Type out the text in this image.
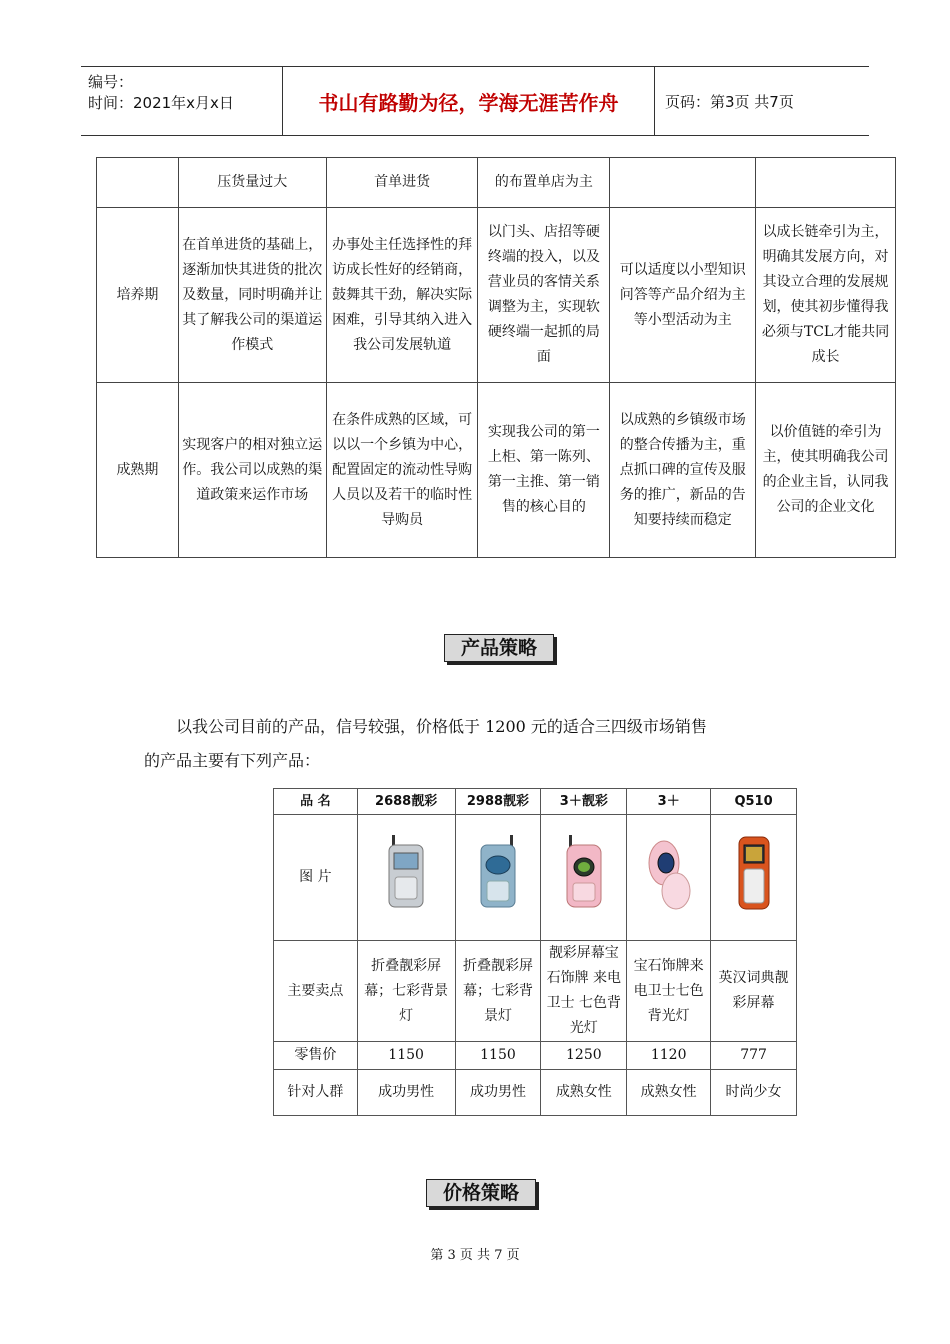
编号：
时间：2021年x月x日	书山有路勤为径，学海无涯苦作舟	页码：第3页 共7页
	压货量过大	首单进货	的布置单店为主		
培养期	在首单进货的基础上，逐渐加快其进货的批次及数量，同时明确并让其了解我公司的渠道运作模式	办事处主任选择性的拜访成长性好的经销商，鼓舞其干劲，解决实际困难，引导其纳入进入我公司发展轨道	以门头、店招等硬终端的投入，以及营业员的客情关系调整为主，实现软硬终端一起抓的局面	可以适度以小型知识问答等产品介绍为主等小型活动为主	以成长链牵引为主，明确其发展方向，对其设立合理的发展规划，使其初步懂得我必须与TCL才能共同成长
成熟期	实现客户的相对独立运作。我公司以成熟的渠道政策来运作市场	在条件成熟的区域，可以以一个乡镇为中心，配置固定的流动性导购人员以及若干的临时性导购员	实现我公司的第一上柜、第一陈列、第一主推、第一销售的核心目的	以成熟的乡镇级市场的整合传播为主，重点抓口碑的宣传及服务的推广，新品的告知要持续而稳定	以价值链的牵引为主，使其明确我公司的企业主旨，认同我公司的企业文化
产品策略
以我公司目前的产品，信号较强，价格低于 1200 元的适合三四级市场销售
的产品主要有下列产品：
品 名	2688靓彩	2988靓彩	3＋靓彩	3＋	Q510
图 片					
主要卖点	折叠靓彩屏幕；七彩背景灯	折叠靓彩屏幕；七彩背景灯	靓彩屏幕宝石饰牌 来电卫士 七色背光灯	宝石饰牌来电卫士七色背光灯	英汉词典靓彩屏幕
零售价	1150	1150	1250	1120	777
针对人群	成功男性	成功男性	成熟女性	成熟女性	时尚少女
价格策略
第 3 页 共 7 页
